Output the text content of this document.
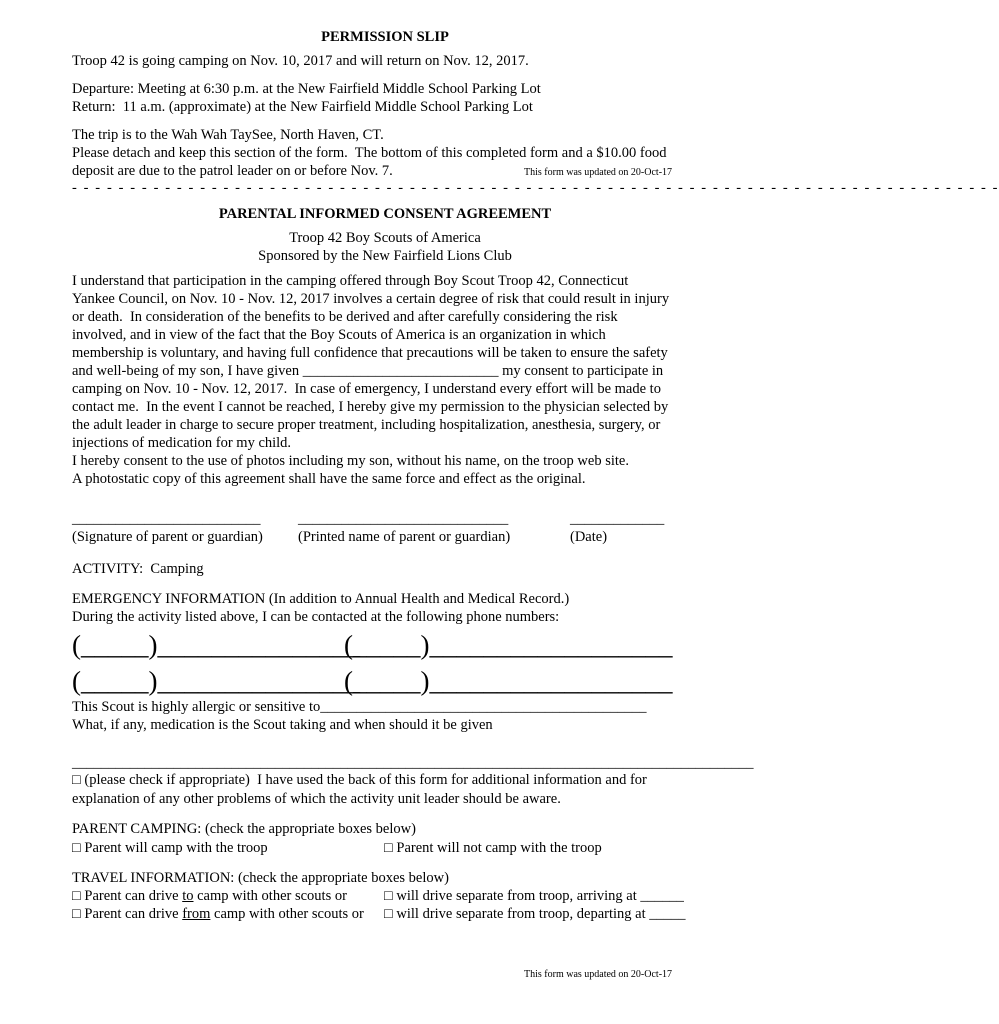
PERMISSION SLIP
Troop 42 is going camping on Nov. 10, 2017 and will return on Nov. 12, 2017.
Departure: Meeting at 6:30 p.m. at the New Fairfield Middle School Parking Lot
Return:  11 a.m. (approximate) at the New Fairfield Middle School Parking Lot
The trip is to the Wah Wah TaySee, North Haven, CT.
Please detach and keep this section of the form.  The bottom of this completed form and a $10.00 food
deposit are due to the patrol leader on or before Nov. 7.	This form was updated on 20-Oct-17
- - - - - - - - - - - - - - - - - - - - - - - - - - - - - - - - - - - - - - - - - - - - - - - - - - - - - - - - - - - - - - - - - - - - - - - - - - - - - - - -
PARENTAL INFORMED CONSENT AGREEMENT
Troop 42 Boy Scouts of America
Sponsored by the New Fairfield Lions Club
I understand that participation in the camping offered through Boy Scout Troop 42, Connecticut
Yankee Council, on Nov. 10 - Nov. 12, 2017 involves a certain degree of risk that could result in injury
or death.  In consideration of the benefits to be derived and after carefully considering the risk
involved, and in view of the fact that the Boy Scouts of America is an organization in which
membership is voluntary, and having full confidence that precautions will be taken to ensure the safety
and well-being of my son, I have given ___________________________ my consent to participate in
camping on Nov. 10 - Nov. 12, 2017.  In case of emergency, I understand every effort will be made to
contact me.  In the event I cannot be reached, I hereby give my permission to the physician selected by
the adult leader in charge to secure proper treatment, including hospitalization, anesthesia, surgery, or
injections of medication for my child.
I hereby consent to the use of photos including my son, without his name, on the troop web site.
A photostatic copy of this agreement shall have the same force and effect as the original.
__________________________
(Signature of parent or guardian)
_____________________________
(Printed name of parent or guardian)
_____________
(Date)
ACTIVITY:  Camping
EMERGENCY INFORMATION (In addition to Annual Health and Medical Record.)
During the activity listed above, I can be contacted at the following phone numbers:
(_____)_______________
(_____)__________________
(_____)_______________
(_____)__________________
This Scout is highly allergic or sensitive to_____________________________________________
What, if any, medication is the Scout taking and when should it be given
______________________________________________________________________________________________
□ (please check if appropriate)  I have used the back of this form for additional information and for
explanation of any other problems of which the activity unit leader should be aware.
PARENT CAMPING: (check the appropriate boxes below)
□ Parent will camp with the troop	□ Parent will not camp with the troop
TRAVEL INFORMATION: (check the appropriate boxes below)
□ Parent can drive to camp with other scouts or
□ Parent can drive from camp with other scouts or
□ will drive separate from troop, arriving at ______
□ will drive separate from troop, departing at _____
This form was updated on 20-Oct-17
